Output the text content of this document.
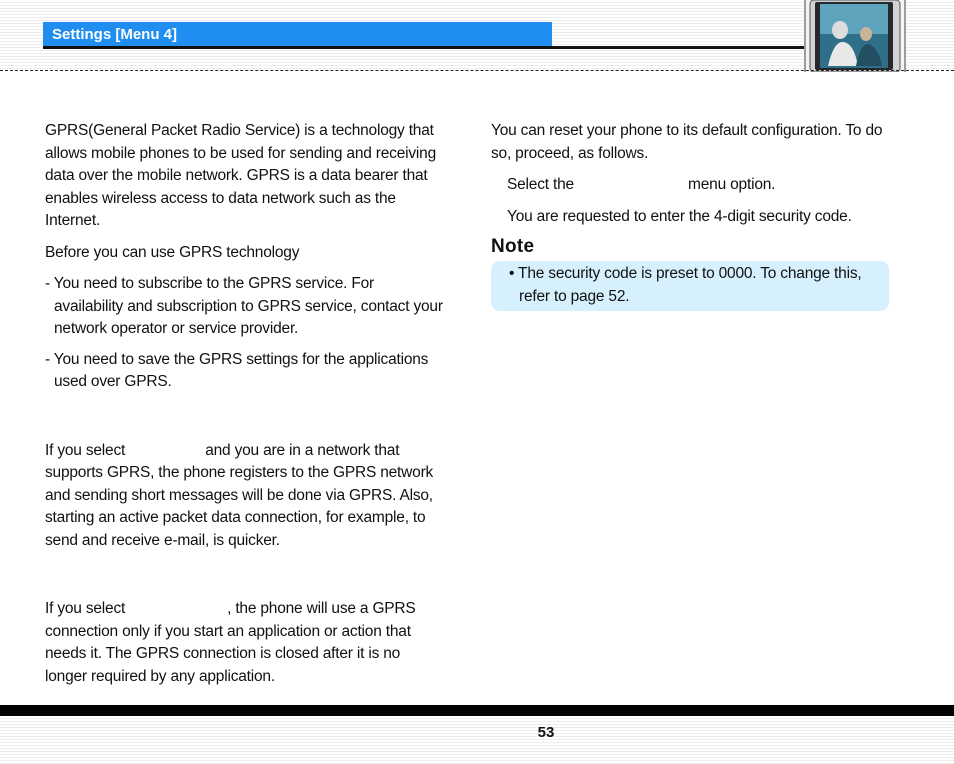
Settings [Menu 4]

GPRS(General Packet Radio Service) is a technology that allows mobile phones to be used for sending and receiving data over the mobile network. GPRS is a data bearer that enables wireless access to data network such as the Internet.

Before you can use GPRS technology

- You need to subscribe to the GPRS service. For availability and subscription to GPRS service, contact your network operator or service provider.

- You need to save the GPRS settings for the applications used over GPRS.

If you select	and you are in a network that supports GPRS, the phone registers to the GPRS network and sending short messages will be done via GPRS. Also, starting an active packet data connection, for example, to send and receive e-mail, is quicker.

If you select	, the phone will use a GPRS connection only if you start an application or action that needs it. The GPRS connection is closed after it is no longer required by any application.

You can reset your phone to its default configuration. To do so, proceed, as follows.

Select the	menu option.

You are requested to enter the 4-digit security code.

Note

• The security code is preset to 0000. To change this, refer to page 52.

53
